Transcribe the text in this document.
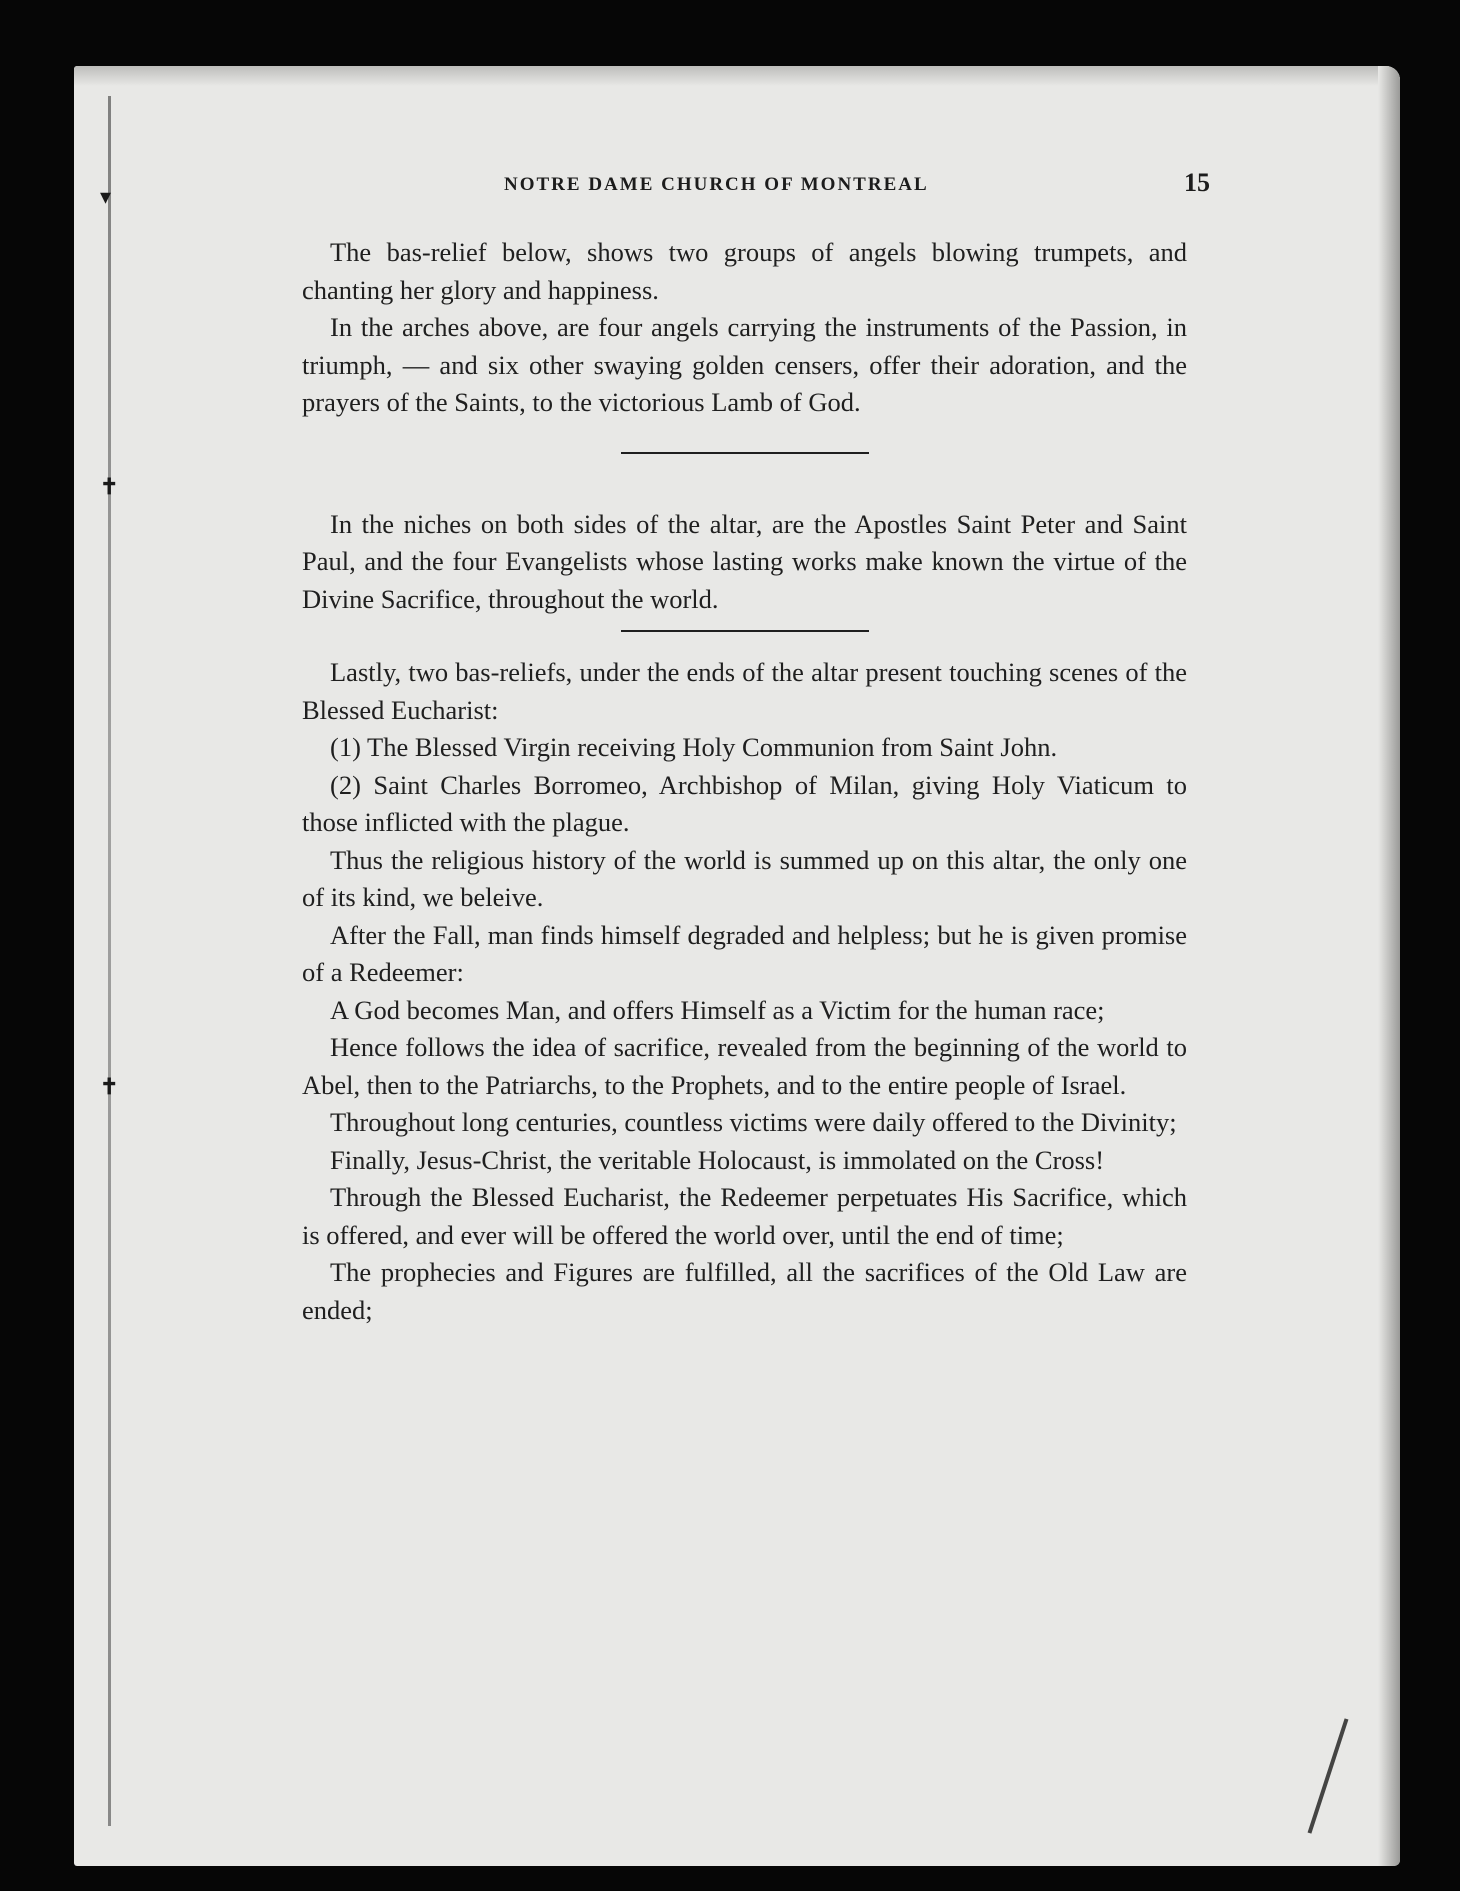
▾
✝
✝
NOTRE DAME CHURCH OF MONTREAL	15

The bas-relief below, shows two groups of angels blowing trumpets, and chanting her glory and happiness.

In the arches above, are four angels carrying the instruments of the Passion, in triumph, — and six other swaying golden censers, offer their adoration, and the prayers of the Saints, to the victorious Lamb of God.

In the niches on both sides of the altar, are the Apostles Saint Peter and Saint Paul, and the four Evangelists whose lasting works make known the virtue of the Divine Sacrifice, throughout the world.

Lastly, two bas-reliefs, under the ends of the altar present touching scenes of the Blessed Eucharist:

(1) The Blessed Virgin receiving Holy Communion from Saint John.

(2) Saint Charles Borromeo, Archbishop of Milan, giving Holy Viaticum to those inflicted with the plague.

Thus the religious history of the world is summed up on this altar, the only one of its kind, we beleive.

After the Fall, man finds himself degraded and helpless; but he is given promise of a Redeemer:

A God becomes Man, and offers Himself as a Victim for the human race;

Hence follows the idea of sacrifice, revealed from the beginning of the world to Abel, then to the Patriarchs, to the Prophets, and to the entire people of Israel.

Throughout long centuries, countless victims were daily offered to the Divinity;

Finally, Jesus-Christ, the veritable Holocaust, is immolated on the Cross!

Through the Blessed Eucharist, the Redeemer perpetuates His Sacrifice, which is offered, and ever will be offered the world over, until the end of time;

The prophecies and Figures are fulfilled, all the sacrifices of the Old Law are ended;
